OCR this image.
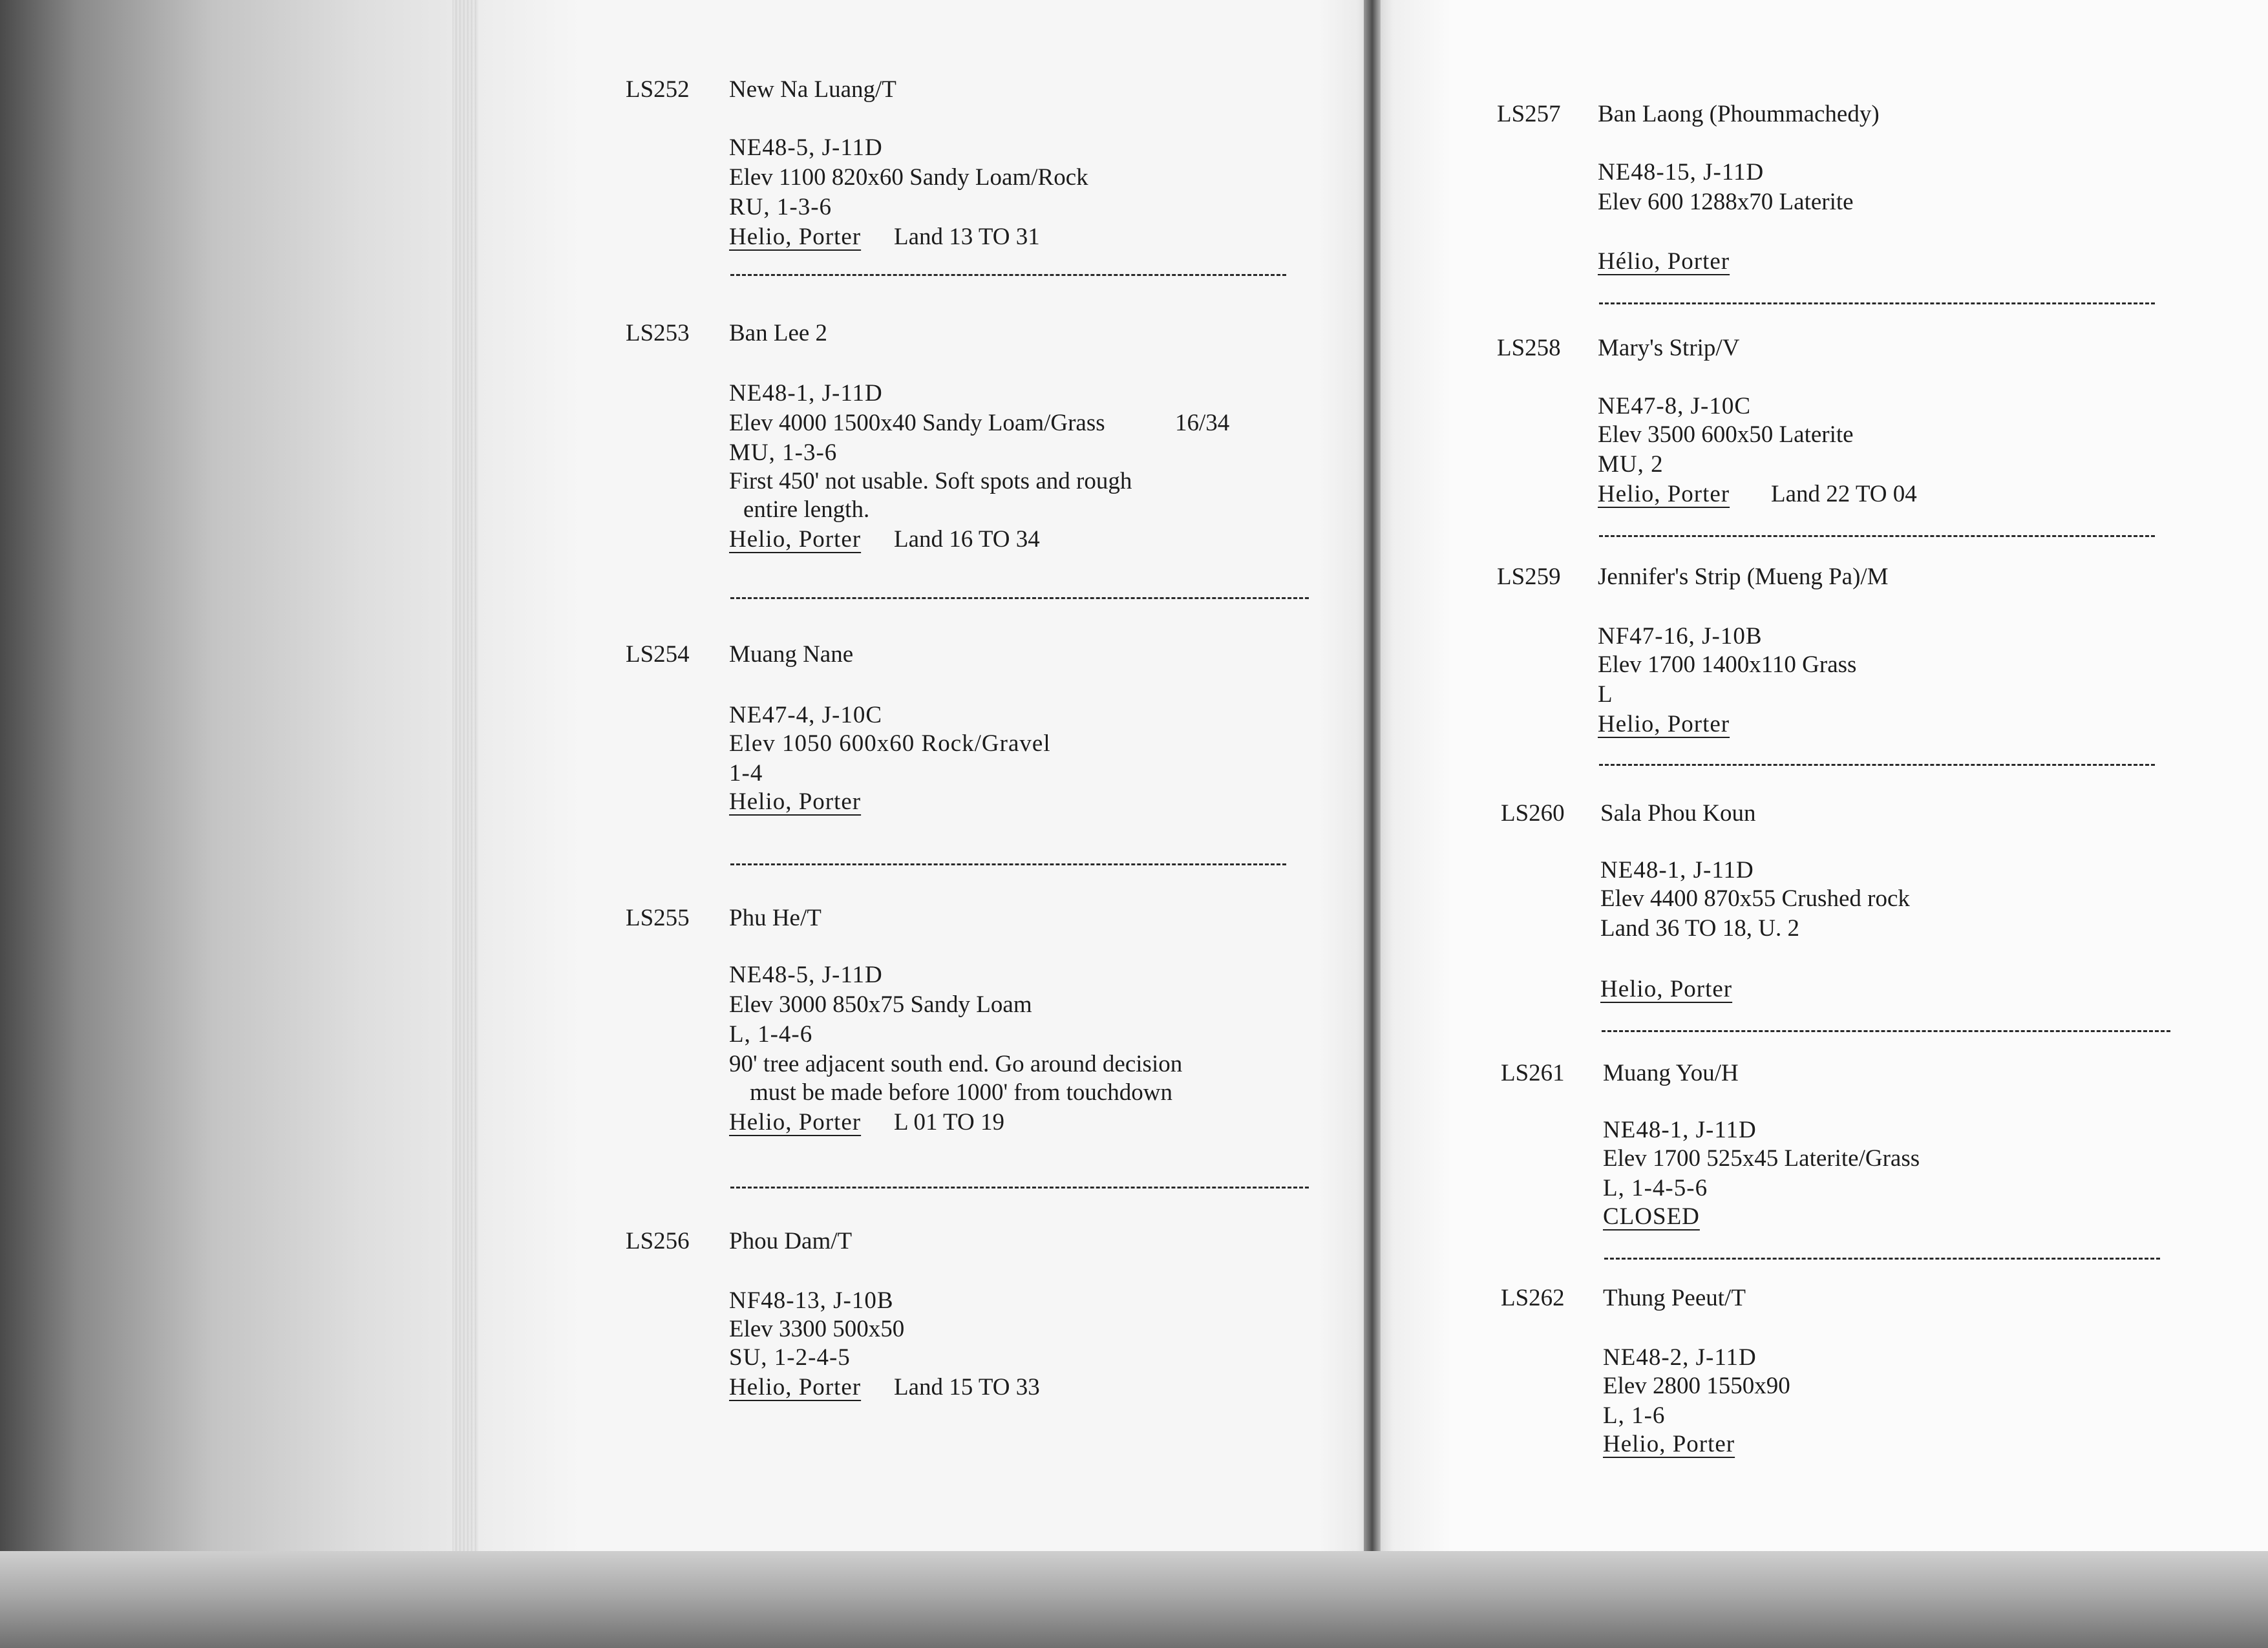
LS252 New Na Luang/T
NE48-5, J-11D
Elev 1100 820x60 Sandy Loam/Rock
RU, 1-3-6
Helio, Porter Land 13 TO 31
LS253 Ban Lee 2
NE48-1, J-11D
Elev 4000 1500x40 Sandy Loam/Grass	16/34
MU, 1-3-6
First 450' not usable. Soft spots and rough
entire length.
Helio, Porter Land 16 TO 34
LS254 Muang Nane
NE47-4, J-10C
Elev 1050 600x60 Rock/Gravel
1-4
Helio, Porter
LS255 Phu He/T
NE48-5, J-11D
Elev 3000 850x75 Sandy Loam
L, 1-4-6
90' tree adjacent south end. Go around decision
must be made before 1000' from touchdown
Helio, Porter L 01 TO 19
LS256 Phou Dam/T
NF48-13, J-10B
Elev 3300 500x50
SU, 1-2-4-5
Helio, Porter Land 15 TO 33
LS257 Ban Laong (Phoummachedy)
NE48-15, J-11D
Elev 600 1288x70 Laterite
Hélio, Porter
LS258 Mary's Strip/V
NE47-8, J-10C
Elev 3500 600x50 Laterite
MU, 2
Helio, Porter Land 22 TO 04
LS259 Jennifer's Strip (Mueng Pa)/M
NF47-16, J-10B
Elev 1700 1400x110 Grass
L
Helio, Porter
LS260 Sala Phou Koun
NE48-1, J-11D
Elev 4400 870x55 Crushed rock
Land 36 TO 18, U. 2
Helio, Porter
LS261 Muang You/H
NE48-1, J-11D
Elev 1700 525x45 Laterite/Grass
L, 1-4-5-6
CLOSED
LS262 Thung Peeut/T
NE48-2, J-11D
Elev 2800 1550x90
L, 1-6
Helio, Porter
